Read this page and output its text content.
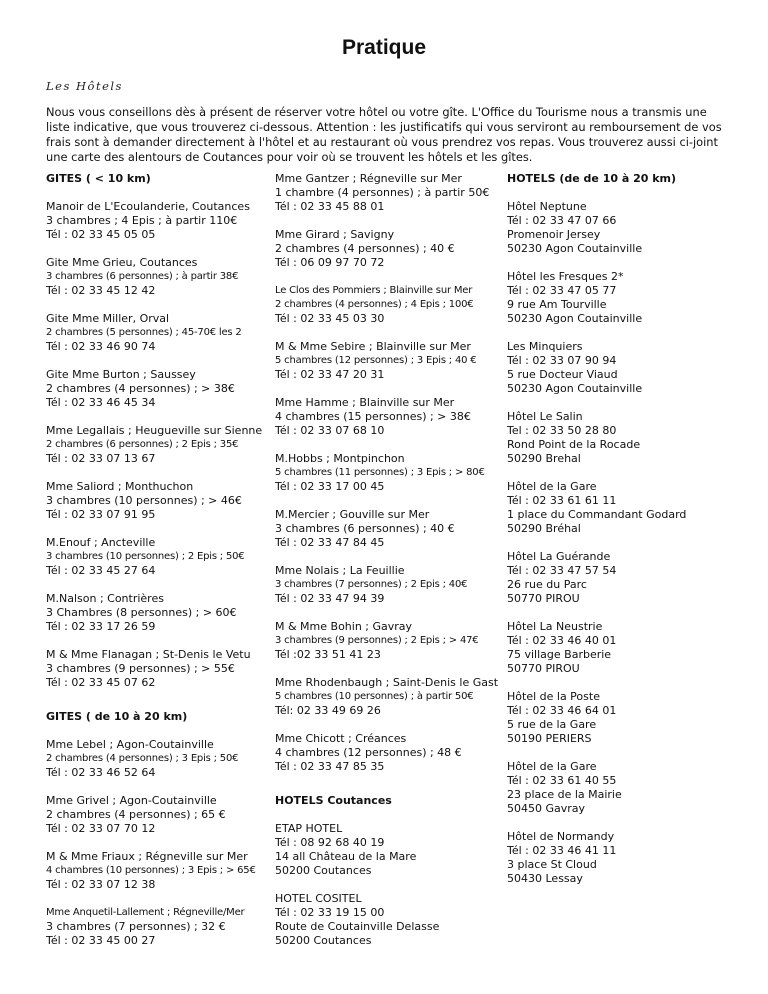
Pratique
Les Hôtels
Nous vous conseillons dès à présent de réserver votre hôtel ou votre gîte. L'Office du Tourisme nous a transmis une liste indicative, que vous trouverez ci-dessous. Attention : les justificatifs qui vous serviront au remboursement de vos frais sont à demander directement à l'hôtel et au restaurant où vous prendrez vos repas. Vous trouverez aussi ci-joint une carte des alentours de Coutances pour voir où se trouvent les hôtels et les gîtes.
GITES ( < 10 km)
Manoir de L'Ecoulanderie, Coutances
3 chambres ; 4 Epis ; à partir 110€
Tél : 02 33 45 05 05
Gite Mme Grieu, Coutances
3 chambres (6 personnes) ; à partir 38€
Tél : 02 33 45 12 42
Gite Mme Miller, Orval
2 chambres (5 personnes) ; 45-70€ les 2
Tél : 02 33 46 90 74
Gite Mme Burton ; Saussey
2 chambres (4 personnes) ; > 38€
Tél : 02 33 46 45 34
Mme Legallais ; Heugueville sur Sienne
2 chambres (6 personnes) ; 2 Epis ; 35€
Tél : 02 33 07 13 67
Mme Saliord ; Monthuchon
3 chambres (10 personnes) ; > 46€
Tél : 02 33 07 91 95
M.Enouf ; Ancteville
3 chambres (10 personnes) ; 2 Epis ; 50€
Tél : 02 33 45 27 64
M.Nalson ; Contrières
3 Chambres (8 personnes) ; > 60€
Tél : 02 33 17 26 59
M & Mme Flanagan ; St-Denis le Vetu
3 chambres (9 personnes) ; > 55€
Tél : 02 33 45 07 62
GITES ( de 10 à 20 km)
Mme Lebel ; Agon-Coutainville
2 chambres (4 personnes) ; 3 Epis ; 50€
Tél : 02 33 46 52 64
Mme Grivel ; Agon-Coutainville
2 chambres (4 personnes) ; 65 €
Tél : 02 33 07 70 12
M & Mme Friaux ; Régneville sur Mer
4 chambres (10 personnes) ; 3 Epis ; > 65€
Tél : 02 33 07 12 38
Mme Anquetil-Lallement ; Régneville/Mer
3 chambres (7 personnes) ; 32 €
Tél : 02 33 45 00 27
Mme Gantzer ; Régneville sur Mer
1 chambre (4 personnes) ; à partir 50€
Tél : 02 33 45 88 01
Mme Girard ; Savigny
2 chambres (4 personnes) ; 40 €
Tél : 06 09 97 70 72
Le Clos des Pommiers ; Blainville sur Mer
2 chambres (4 personnes) ; 4 Epis ; 100€
Tél : 02 33 45 03 30
M & Mme Sebire ; Blainville sur Mer
5 chambres (12 personnes) ; 3 Epis ; 40 €
Tél : 02 33 47 20 31
Mme Hamme ; Blainville sur Mer
4 chambres (15 personnes) ; > 38€
Tél : 02 33 07 68 10
M.Hobbs ; Montpinchon
5 chambres (11 personnes) ; 3 Epis ; > 80€
Tél : 02 33 17 00 45
M.Mercier ; Gouville sur Mer
3 chambres (6 personnes) ; 40 €
Tél : 02 33 47 84 45
Mme Nolais ; La Feuillie
3 chambres (7 personnes) ; 2 Epis ; 40€
Tél : 02 33 47 94 39
M & Mme Bohin ; Gavray
3 chambres (9 personnes) ; 2 Epis ; > 47€
Tél :02 33 51 41 23
Mme Rhodenbaugh ; Saint-Denis le Gast
5 chambres (10 personnes) ; à partir 50€
Tél: 02 33 49 69 26
Mme Chicott ; Créances
4 chambres (12 personnes) ; 48 €
Tél : 02 33 47 85 35
HOTELS Coutances
ETAP HOTEL
Tél : 08 92 68 40 19
14 all Château de la Mare
50200 Coutances
HOTEL COSITEL
Tél : 02 33 19 15 00
Route de Coutainville Delasse
50200 Coutances
HOTELS (de de 10 à 20 km)
Hôtel Neptune
Tél : 02 33 47 07 66
Promenoir Jersey
50230 Agon Coutainville
Hôtel les Fresques 2*
Tél : 02 33 47 05 77
9 rue Am Tourville
50230 Agon Coutainville
Les Minquiers
Tél : 02 33 07 90 94
5 rue Docteur Viaud
50230 Agon Coutainville
Hôtel Le Salin
Tel : 02 33 50 28 80
Rond Point de la Rocade
50290 Brehal
Hôtel de la Gare
Tél : 02 33 61 61 11
1 place du Commandant Godard
50290 Bréhal
Hôtel La Guérande
Tél : 02 33 47 57 54
26 rue du Parc
50770 PIROU
Hôtel La Neustrie
Tél : 02 33 46 40 01
75 village Barberie
50770 PIROU
Hôtel de la Poste
Tél : 02 33 46 64 01
5 rue de la Gare
50190 PERIERS
Hôtel de la Gare
Tél : 02 33 61 40 55
23 place de la Mairie
50450 Gavray
Hôtel de Normandy
Tél : 02 33 46 41 11
3 place St Cloud
50430 Lessay
